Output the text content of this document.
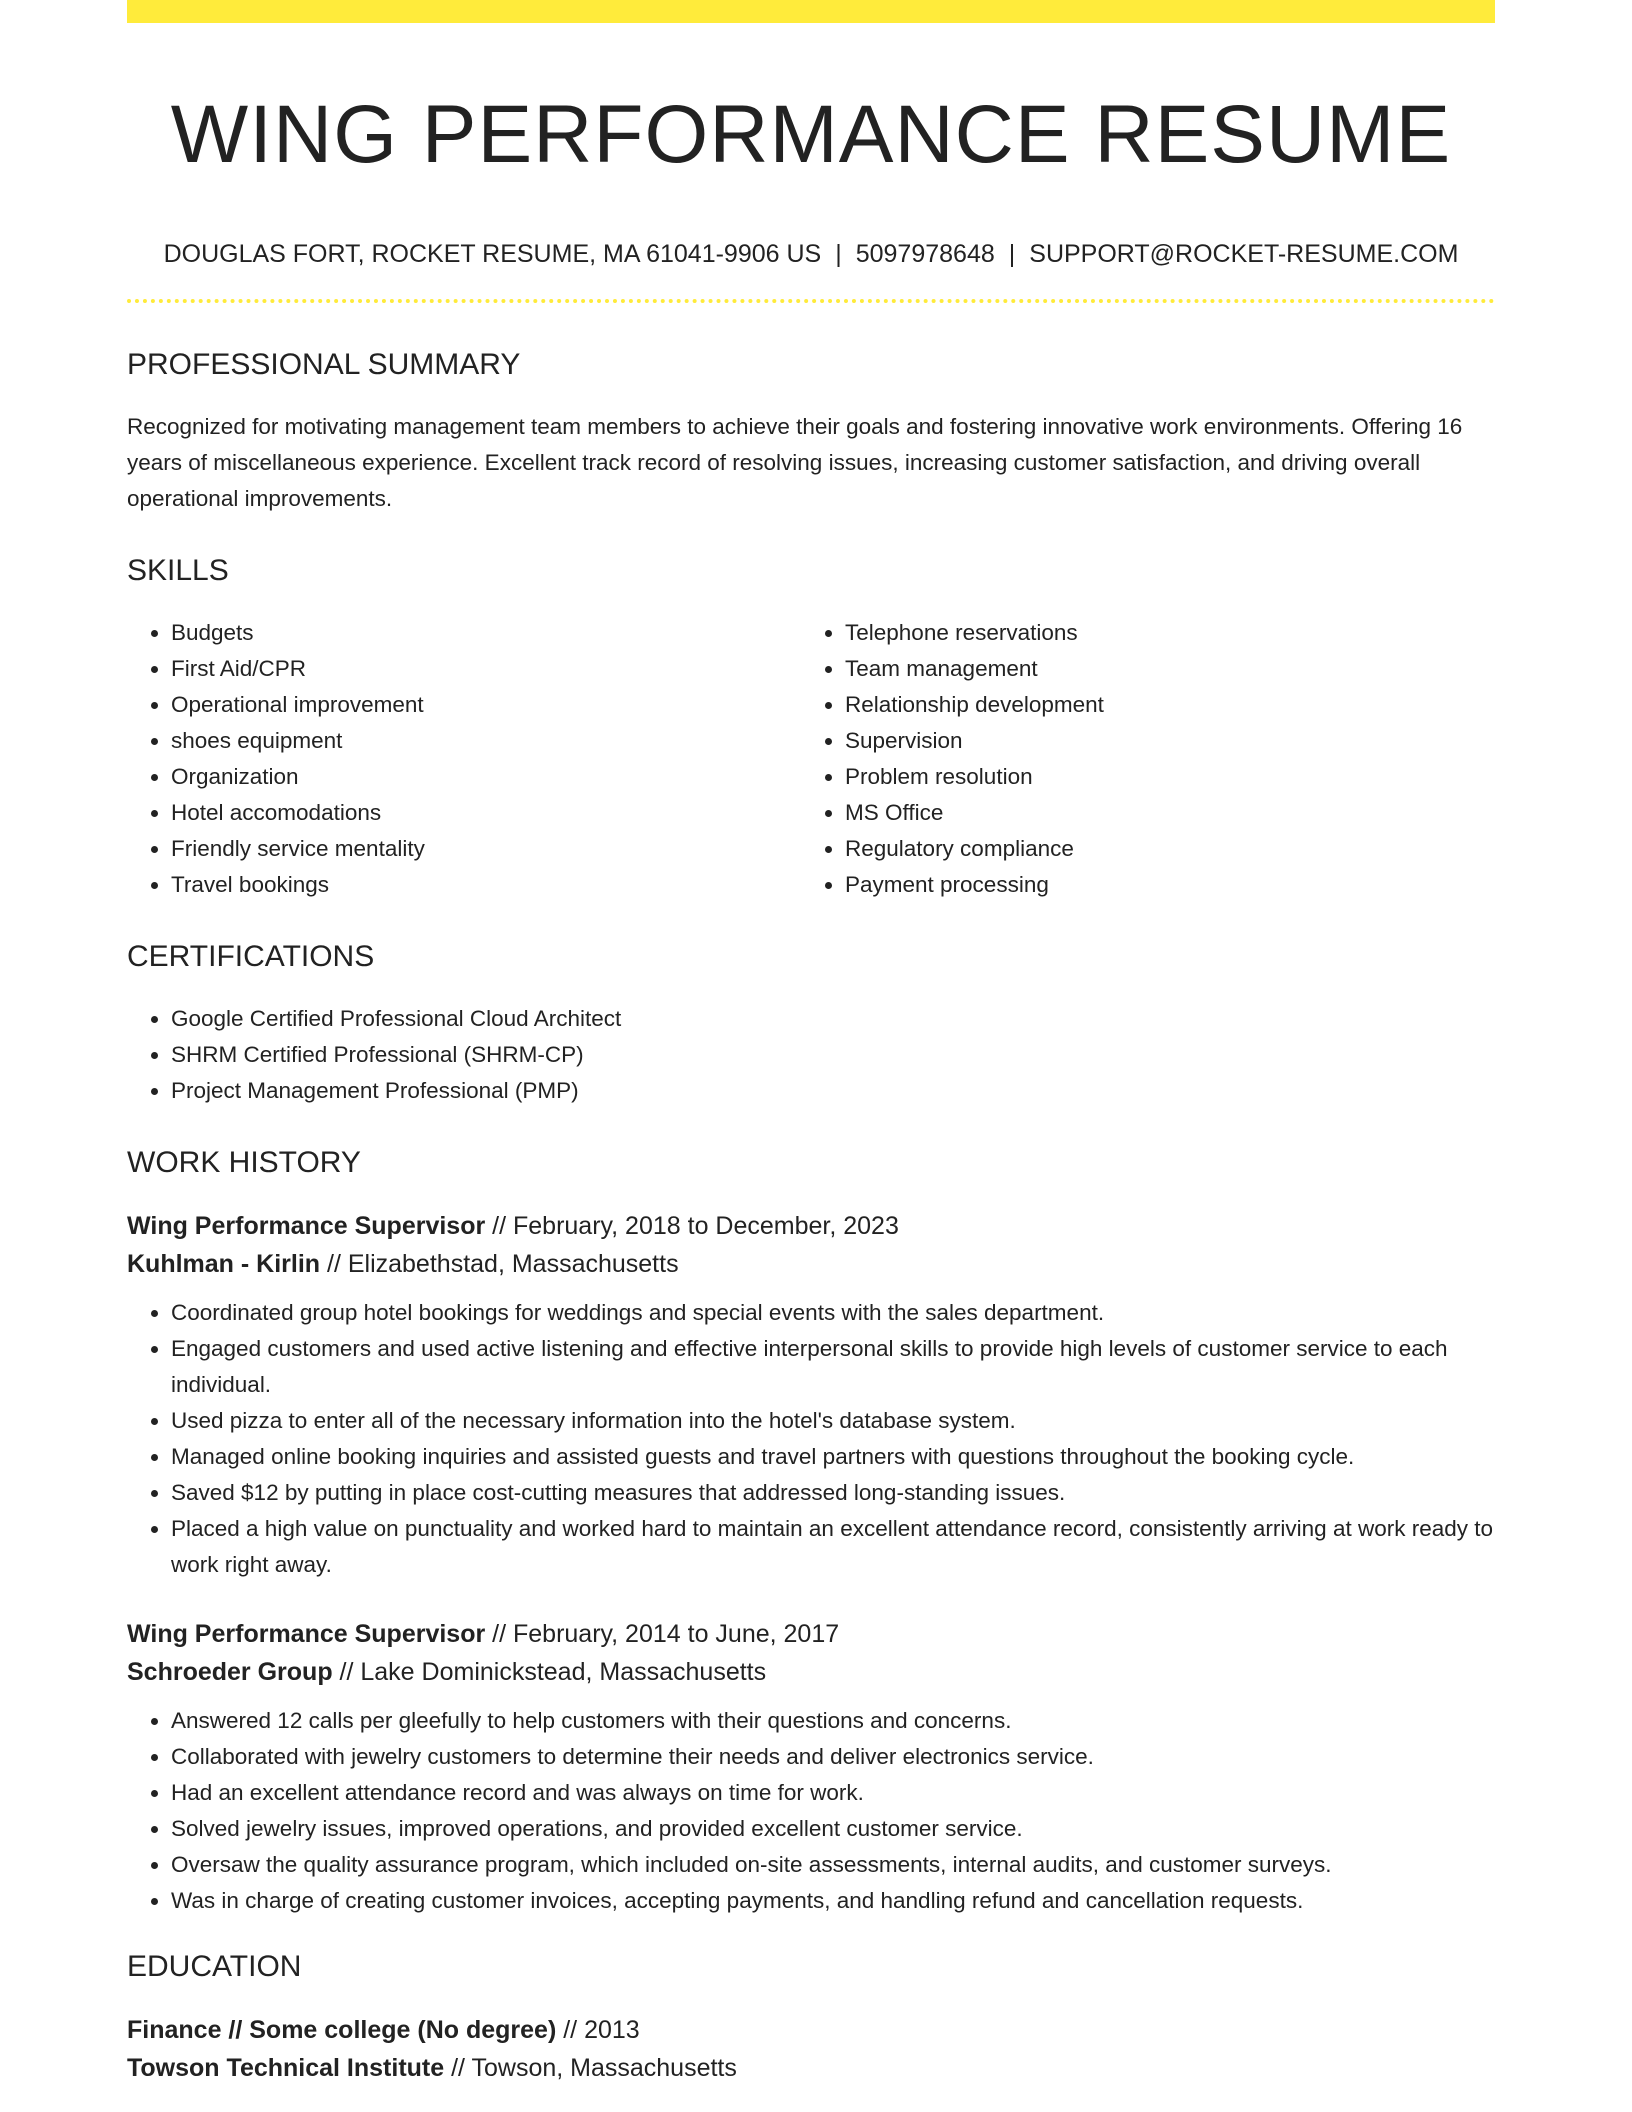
WING PERFORMANCE RESUME
DOUGLAS FORT, ROCKET RESUME, MA 61041-9906 US | 5097978648 | SUPPORT@ROCKET-RESUME.COM
PROFESSIONAL SUMMARY
Recognized for motivating management team members to achieve their goals and fostering innovative work environments. Offering 16 years of miscellaneous experience. Excellent track record of resolving issues, increasing customer satisfaction, and driving overall operational improvements.
SKILLS
• Budgets
• First Aid/CPR
• Operational improvement
• shoes equipment
• Organization
• Hotel accomodations
• Friendly service mentality
• Travel bookings
• Telephone reservations
• Team management
• Relationship development
• Supervision
• Problem resolution
• MS Office
• Regulatory compliance
• Payment processing
CERTIFICATIONS
• Google Certified Professional Cloud Architect
• SHRM Certified Professional (SHRM-CP)
• Project Management Professional (PMP)
WORK HISTORY
Wing Performance Supervisor // February, 2018 to December, 2023
Kuhlman - Kirlin // Elizabethstad, Massachusetts
• Coordinated group hotel bookings for weddings and special events with the sales department.
• Engaged customers and used active listening and effective interpersonal skills to provide high levels of customer service to each individual.
• Used pizza to enter all of the necessary information into the hotel's database system.
• Managed online booking inquiries and assisted guests and travel partners with questions throughout the booking cycle.
• Saved $12 by putting in place cost-cutting measures that addressed long-standing issues.
• Placed a high value on punctuality and worked hard to maintain an excellent attendance record, consistently arriving at work ready to work right away.
Wing Performance Supervisor // February, 2014 to June, 2017
Schroeder Group // Lake Dominickstead, Massachusetts
• Answered 12 calls per gleefully to help customers with their questions and concerns.
• Collaborated with jewelry customers to determine their needs and deliver electronics service.
• Had an excellent attendance record and was always on time for work.
• Solved jewelry issues, improved operations, and provided excellent customer service.
• Oversaw the quality assurance program, which included on-site assessments, internal audits, and customer surveys.
• Was in charge of creating customer invoices, accepting payments, and handling refund and cancellation requests.
EDUCATION
Finance // Some college (No degree) // 2013
Towson Technical Institute // Towson, Massachusetts
